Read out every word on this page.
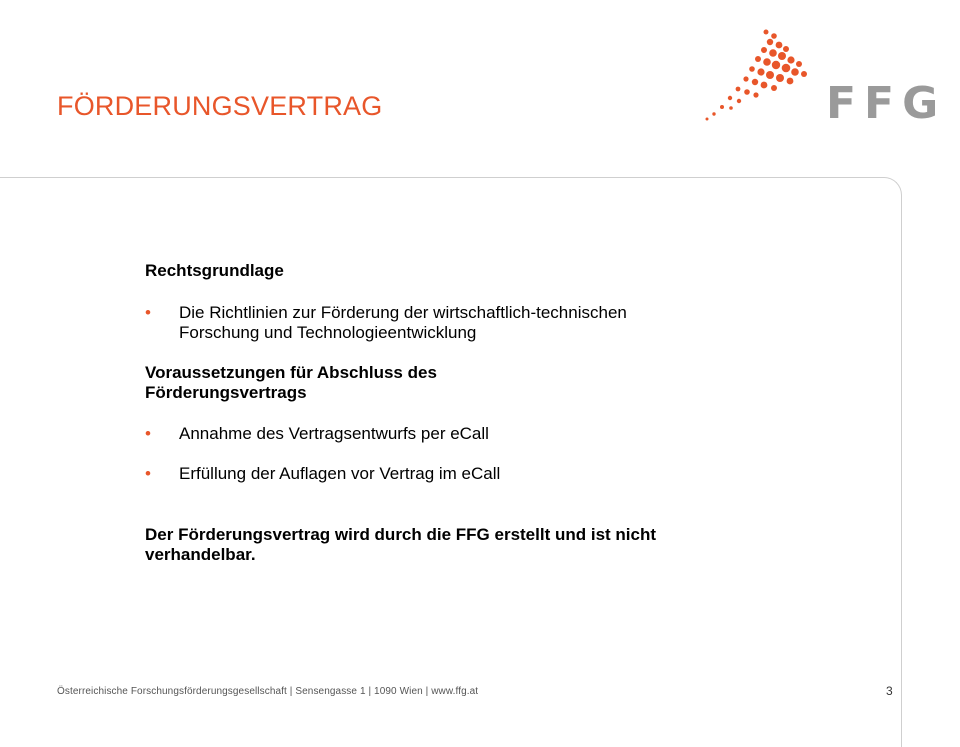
FÖRDERUNGSVERTRAG	FFG

Rechtsgrundlage

• Die Richtlinien zur Förderung der wirtschaftlich-technischen Forschung und Technologieentwicklung

Voraussetzungen für Abschluss des Förderungsvertrags

• Annahme des Vertragsentwurfs per eCall
• Erfüllung der Auflagen vor Vertrag im eCall

Der Förderungsvertrag wird durch die FFG erstellt und ist nicht verhandelbar.

Österreichische Forschungsförderungsgesellschaft | Sensengasse 1 | 1090 Wien | www.ffg.at	3
